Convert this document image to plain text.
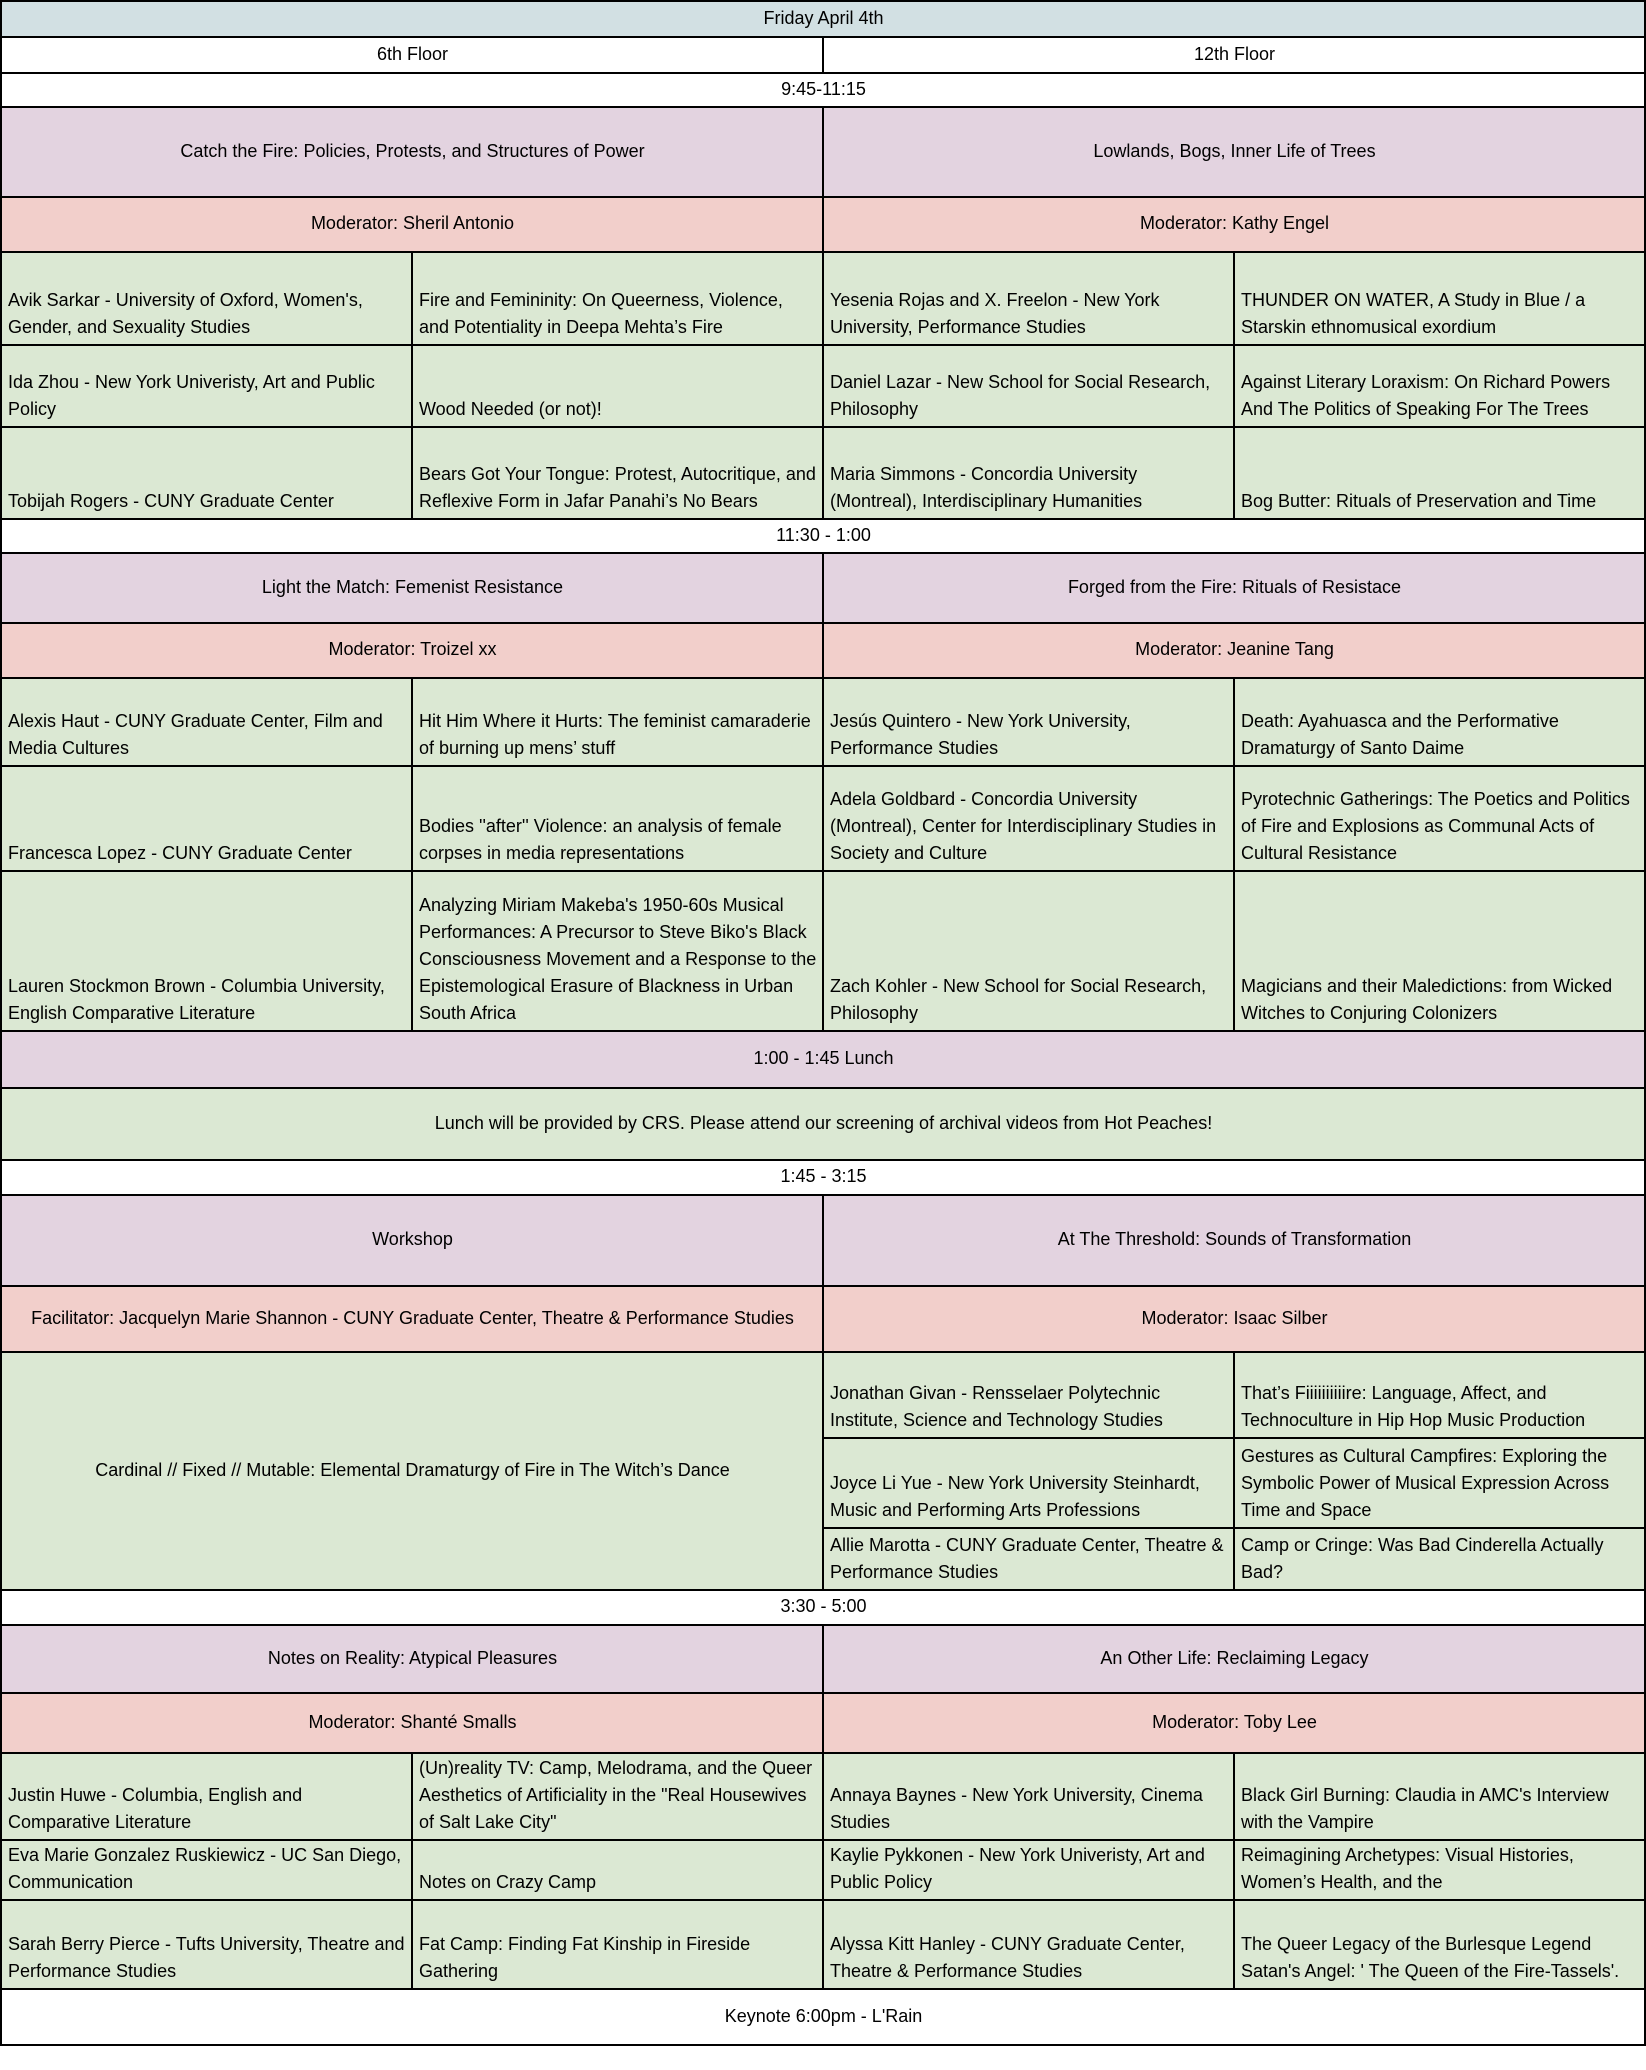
Friday April 4th			
6th Floor		12th Floor	
9:45-11:15			
Catch the Fire: Policies, Protests, and Structures of Power		Lowlands, Bogs, Inner Life of Trees	
Moderator: Sheril Antonio		Moderator: Kathy Engel	
Avik Sarkar - University of Oxford, Women's, Gender, and Sexuality Studies	Fire and Femininity: On Queerness, Violence, and Potentiality in Deepa Mehta’s Fire	Yesenia Rojas and X. Freelon - New York University, Performance Studies	THUNDER ON WATER, A Study in Blue / a Starskin ethnomusical exordium
Ida Zhou - New York Univeristy, Art and Public Policy	Wood Needed (or not)!	Daniel Lazar - New School for Social Research, Philosophy	Against Literary Loraxism: On Richard Powers And The Politics of Speaking For The Trees
Tobijah Rogers - CUNY Graduate Center	Bears Got Your Tongue: Protest, Autocritique, and Reflexive Form in Jafar Panahi’s No Bears	Maria Simmons - Concordia University (Montreal), Interdisciplinary Humanities	Bog Butter: Rituals of Preservation and Time
11:30 - 1:00			
Light the Match: Femenist Resistance		Forged from the Fire: Rituals of Resistace	
Moderator: Troizel xx		Moderator: Jeanine Tang	
Alexis Haut - CUNY Graduate Center, Film and Media Cultures	Hit Him Where it Hurts: The feminist camaraderie of burning up mens’ stuff	Jesús Quintero - New York University, Performance Studies	Death: Ayahuasca and the Performative Dramaturgy of Santo Daime
Francesca Lopez - CUNY Graduate Center	Bodies ''after'' Violence: an analysis of female corpses in media representations	Adela Goldbard - Concordia University (Montreal), Center for Interdisciplinary Studies in Society and Culture	Pyrotechnic Gatherings: The Poetics and Politics of Fire and Explosions as Communal Acts of Cultural Resistance
Lauren Stockmon Brown - Columbia University, English Comparative Literature	Analyzing Miriam Makeba's 1950-60s Musical Performances: A Precursor to Steve Biko's Black Consciousness Movement and a Response to the Epistemological Erasure of Blackness in Urban South Africa	Zach Kohler - New School for Social Research, Philosophy	Magicians and their Maledictions: from Wicked Witches to Conjuring Colonizers
1:00 - 1:45 Lunch			
Lunch will be provided by CRS. Please attend our screening of archival videos from Hot Peaches!			
1:45 - 3:15			
Workshop		At The Threshold: Sounds of Transformation	
Facilitator: Jacquelyn Marie Shannon - CUNY Graduate Center, Theatre & Performance Studies		Moderator: Isaac Silber	
Cardinal // Fixed // Mutable: Elemental Dramaturgy of Fire in The Witch’s Dance		Jonathan Givan - Rensselaer Polytechnic Institute, Science and Technology Studies	That’s Fiiiiiiiiiire: Language, Affect, and Technoculture in Hip Hop Music Production
		Joyce Li Yue - New York University Steinhardt, Music and Performing Arts Professions	Gestures as Cultural Campfires: Exploring the Symbolic Power of Musical Expression Across Time and Space
		Allie Marotta - CUNY Graduate Center, Theatre & Performance Studies	Camp or Cringe: Was Bad Cinderella Actually Bad?
3:30 - 5:00			
Notes on Reality: Atypical Pleasures		An Other Life: Reclaiming Legacy	
Moderator: Shanté Smalls		Moderator: Toby Lee	
Justin Huwe - Columbia, English and Comparative Literature	(Un)reality TV: Camp, Melodrama, and the Queer Aesthetics of Artificiality in the "Real Housewives of Salt Lake City"	Annaya Baynes - New York University, Cinema Studies	Black Girl Burning: Claudia in AMC's Interview with the Vampire
Eva Marie Gonzalez Ruskiewicz - UC San Diego, Communication	Notes on Crazy Camp	Kaylie Pykkonen - New York Univeristy, Art and Public Policy	Reimagining Archetypes: Visual Histories, Women’s Health, and the
Sarah Berry Pierce - Tufts University, Theatre and Performance Studies	Fat Camp: Finding Fat Kinship in Fireside Gathering	Alyssa Kitt Hanley - CUNY Graduate Center, Theatre & Performance Studies	The Queer Legacy of the Burlesque Legend Satan's Angel: ' The Queen of the Fire-Tassels'.
Keynote 6:00pm - L'Rain			
